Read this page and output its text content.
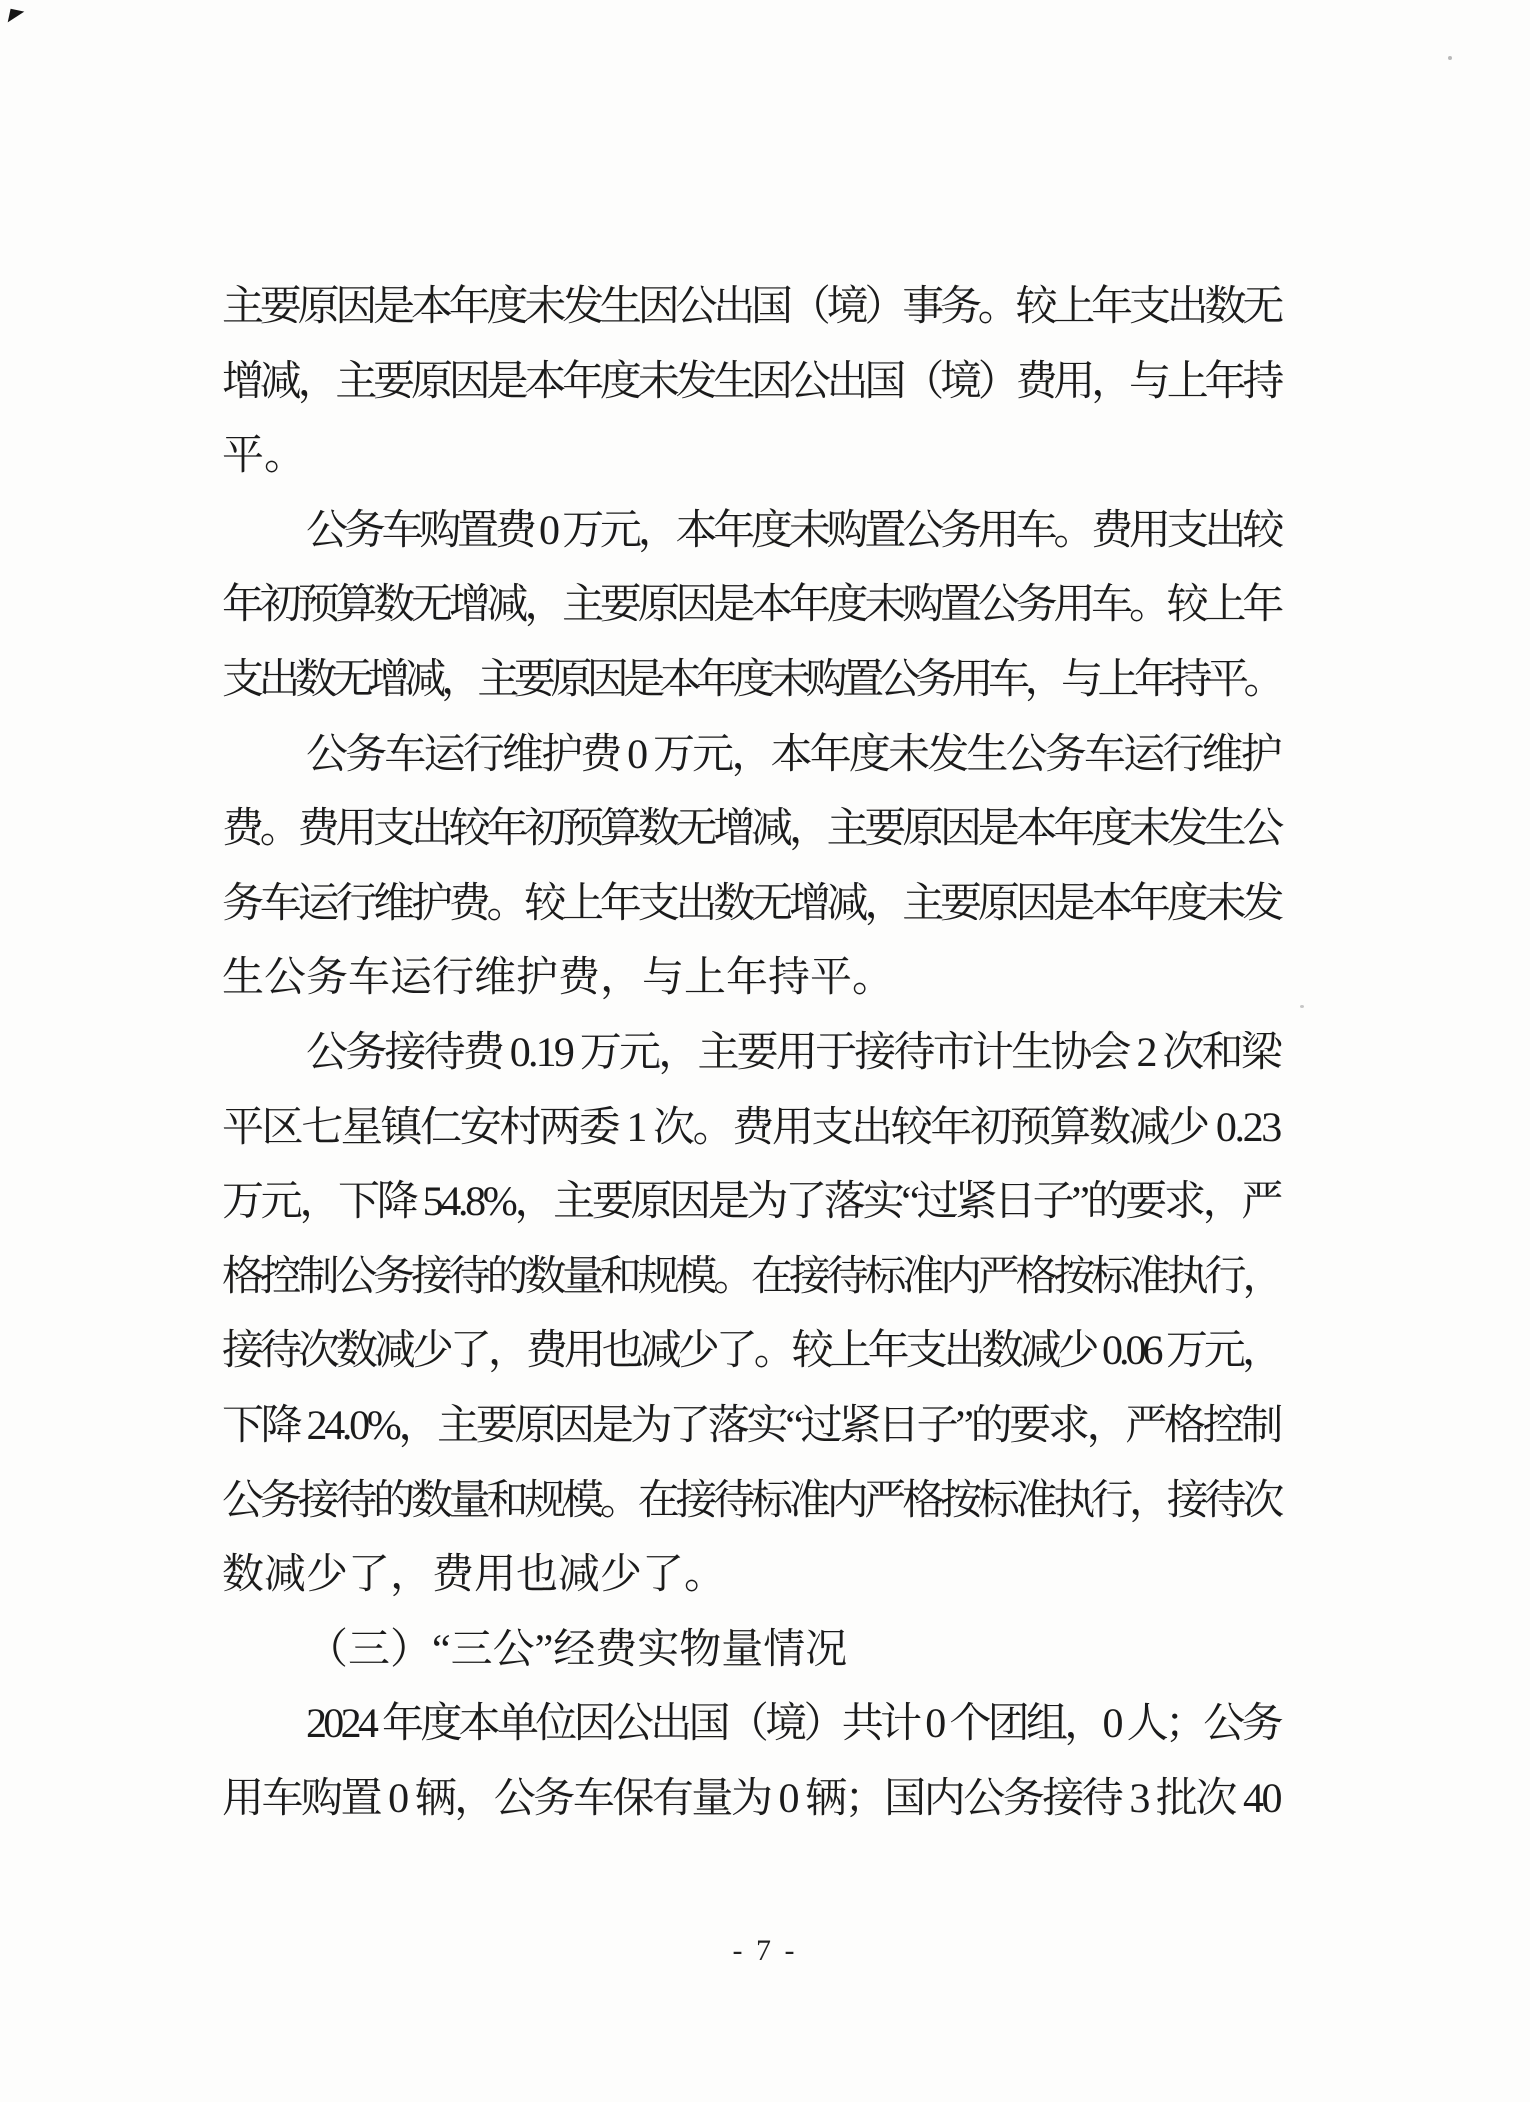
主要原因是本年度未发生因公出国（境）事务。较上年支出数无
增减，主要原因是本年度未发生因公出国（境）费用，与上年持
平。
公务车购置费 0 万元，本年度未购置公务用车。费用支出较
年初预算数无增减，主要原因是本年度未购置公务用车。较上年
支出数无增减，主要原因是本年度未购置公务用车，与上年持平。
公务车运行维护费 0 万元，本年度未发生公务车运行维护
费。费用支出较年初预算数无增减，主要原因是本年度未发生公
务车运行维护费。较上年支出数无增减，主要原因是本年度未发
生公务车运行维护费，与上年持平。
公务接待费 0.19 万元，主要用于接待市计生协会 2 次和梁
平区七星镇仁安村两委 1 次。费用支出较年初预算数减少 0.23
万元，下降 54.8%，主要原因是为了落实“过紧日子”的要求，严
格控制公务接待的数量和规模。在接待标准内严格按标准执行，
接待次数减少了，费用也减少了。较上年支出数减少 0.06 万元，
下降 24.0%，主要原因是为了落实“过紧日子”的要求，严格控制
公务接待的数量和规模。在接待标准内严格按标准执行，接待次
数减少了，费用也减少了。
（三）“三公”经费实物量情况
2024 年度本单位因公出国（境）共计 0 个团组，0 人；公务
用车购置 0 辆，公务车保有量为 0 辆；国内公务接待 3 批次 40
- 7 -
